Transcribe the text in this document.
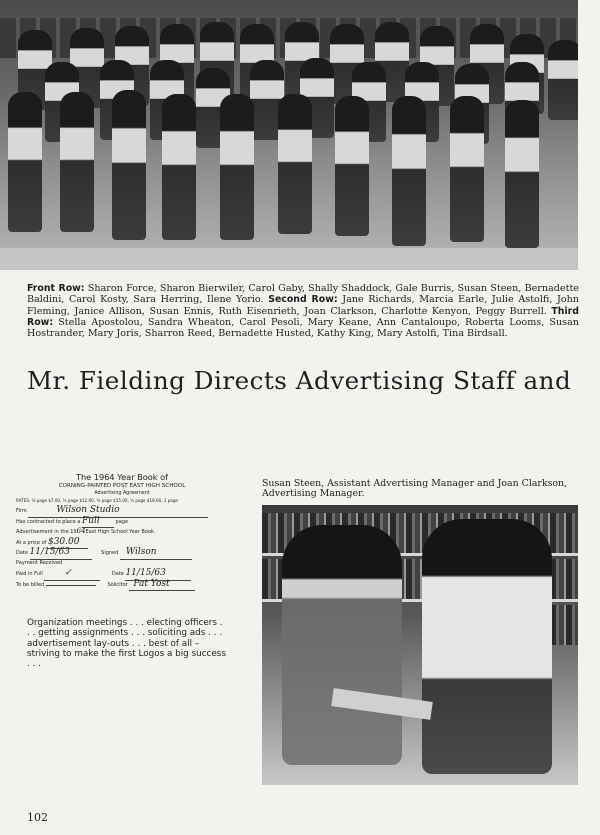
Front Row: Sharon Force, Sharon Bierwiler, Carol Gaby, Shally Shaddock, Gale Burris, Susan Steen, Bernadette Baldini, Carol Kosty, Sara Herring, Ilene Yorio. Second Row: Jane Richards, Marcia Earle, Julie Astolfi, John Fleming, Janice Allison, Susan Ennis, Ruth Eisenrieth, Joan Clarkson, Charlotte Kenyon, Peggy Burrell. Third Row: Stella Apostolou, Sandra Wheaton, Carol Pesoli, Mary Keane, Ann Cantaloupo, Roberta Looms, Susan Hostrander, Mary Joris, Sharron Reed, Bernadette Husted, Kathy King, Mary Astolfi, Tina Birdsall.

Mr. Fielding Directs Advertising Staff and
The 1964 Year Book of
CORNING-PAINTED POST EAST HIGH SCHOOL
Advertising Agreement
RATES: ⅛ page $7.00, ¼ page $12.00, ⅜ page $15.00, ½ page $18.00, 1 page
Firm	Wilson Studio
Has contracted to place a Full	page
Advertisement in the 1964East High School Year Book.
At a price of $30.00
Date 11/15/63	Signed Wilson
Payment Received
Paid in Full ✓	Date 11/15/63
To be billed	Solicitor Pat Yost

Organization meetings . . . electing officers . . . getting assignments . . . soliciting ads . . . advertisement lay-outs . . . best of all – striving to make the first Logos a big success . . .

Susan Steen, Assistant Advertising Manager and Joan Clarkson, Advertising Manager.

102
